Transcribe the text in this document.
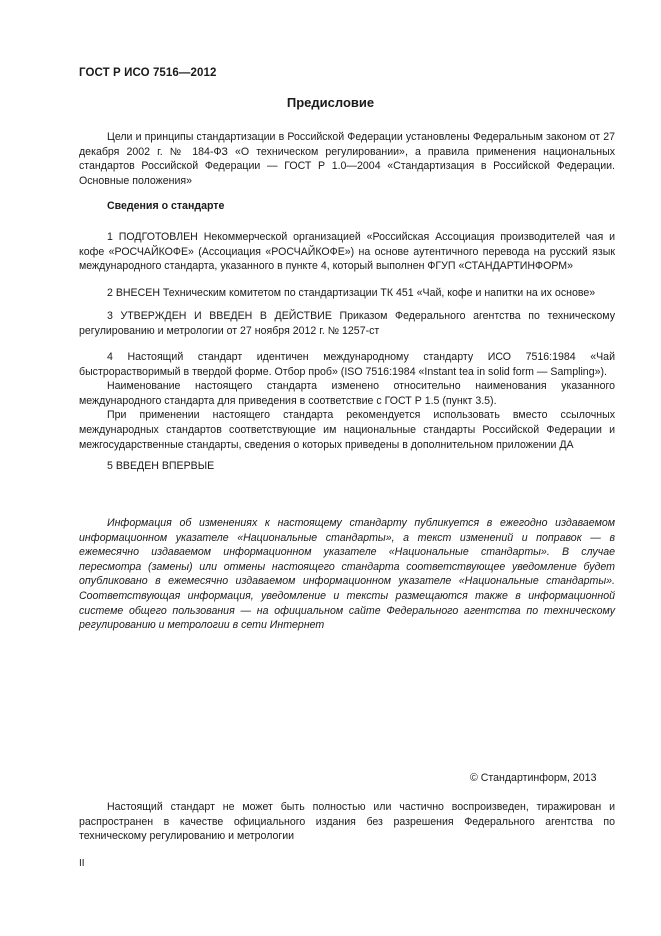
ГОСТ Р ИСО 7516—2012
Предисловие

Цели и принципы стандартизации в Российской Федерации установлены Федеральным законом от 27 декабря 2002 г. № 184-ФЗ «О техническом регулировании», а правила применения национальных стандартов Российской Федерации — ГОСТ Р 1.0—2004 «Стандартизация в Российской Федерации. Основные положения»

Сведения о стандарте

1 ПОДГОТОВЛЕН Некоммерческой организацией «Российская Ассоциация производителей чая и кофе «РОСЧАЙКОФЕ» (Ассоциация «РОСЧАЙКОФЕ») на основе аутентичного перевода на русский язык международного стандарта, указанного в пункте 4, который выполнен ФГУП «СТАНДАРТИНФОРМ»

2 ВНЕСЕН Техническим комитетом по стандартизации ТК 451 «Чай, кофе и напитки на их основе»

3 УТВЕРЖДЕН И ВВЕДЕН В ДЕЙСТВИЕ Приказом Федерального агентства по техническому регулированию и метрологии от 27 ноября 2012 г. № 1257-ст

4 Настоящий стандарт идентичен международному стандарту ИСО 7516:1984 «Чай быстрорастворимый в твердой форме. Отбор проб» (ISO 7516:1984 «Instant tea in solid form — Sampling»).

Наименование настоящего стандарта изменено относительно наименования указанного международного стандарта для приведения в соответствие с ГОСТ Р 1.5 (пункт 3.5).

При применении настоящего стандарта рекомендуется использовать вместо ссылочных международных стандартов соответствующие им национальные стандарты Российской Федерации и межгосударственные стандарты, сведения о которых приведены в дополнительном приложении ДА

5 ВВЕДЕН ВПЕРВЫЕ

Информация об изменениях к настоящему стандарту публикуется в ежегодно издаваемом информационном указателе «Национальные стандарты», а текст изменений и поправок — в ежемесячно издаваемом информационном указателе «Национальные стандарты». В случае пересмотра (замены) или отмены настоящего стандарта соответствующее уведомление будет опубликовано в ежемесячно издаваемом информационном указателе «Национальные стандарты». Соответствующая информация, уведомление и тексты размещаются также в информационной системе общего пользования — на официальном сайте Федерального агентства по техническому регулированию и метрологии в сети Интернет

© Стандартинформ, 2013

Настоящий стандарт не может быть полностью или частично воспроизведен, тиражирован и распространен в качестве официального издания без разрешения Федерального агентства по техническому регулированию и метрологии

II
